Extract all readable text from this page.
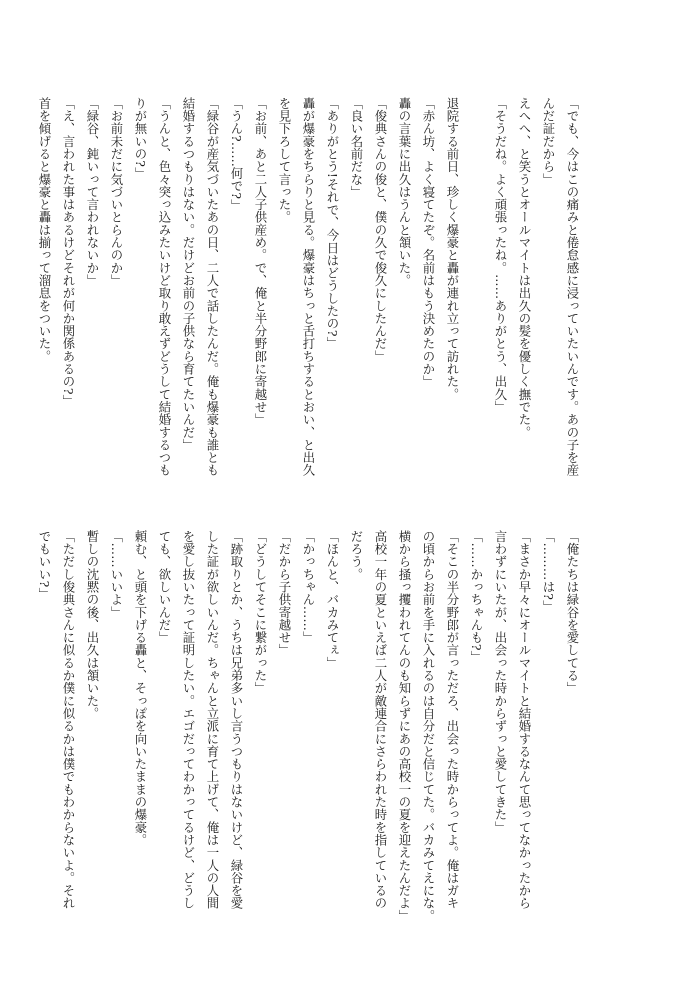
「でも、今はこの痛みと倦怠感に浸っていたいんです。あの子を産
んだ証だから」
えへへ、と笑うとオールマイトは出久の髪を優しく撫でた。
「そうだね。よく頑張ったね。……ありがとう、出久」

退院する前日、珍しく爆豪と轟が連れ立って訪れた。
「赤ん坊、よく寝てたぞ。名前はもう決めたのか」
轟の言葉に出久はうんと頷いた。
「俊典さんの俊と、僕の久で俊久にしたんだ」
「良い名前だな」
「ありがとう!それで、今日はどうしたの?」
轟が爆豪をちらりと見る。爆豪はちっと舌打ちするとおい、と出久
を見下ろして言った。
「お前、あと二人子供産め。で、俺と半分野郎に寄越せ」
「うん?……何で?」
「緑谷が産気づいたあの日、二人で話したんだ。俺も爆豪も誰とも
結婚するつもりはない。だけどお前の子供なら育てたいんだ」
「うんと、色々突っ込みたいけど取り敢えずどうして結婚するつも
りが無いの?」
「お前未だに気づいとらんのか」
「緑谷、鈍いって言われないか」
「え、言われた事はあるけどそれが何か関係あるの?」
首を傾げると爆豪と轟は揃って溜息をついた。
「俺たちは緑谷を愛してる」
「………は?」
「まさか早々にオールマイトと結婚するなんて思ってなかったから
言わずにいたが、出会った時からずっと愛してきた」
「……かっちゃんも?」
「そこの半分野郎が言っただろ、出会った時からってよ。俺はガキ
の頃からお前を手に入れるのは自分だと信じてた。バカみてえにな。
横から掻っ攫われてんのも知らずにあの高校一の夏を迎えたんだよ」
高校一年の夏といえば二人が敵連合にさらわれた時を指しているの
だろう。
「ほんと、バカみてぇ」
「かっちゃん……」
「だから子供寄越せ」
「どうしてそこに繋がった」
「跡取りとか、うちは兄弟多いし言うつもりはないけど、緑谷を愛
した証が欲しいんだ。ちゃんと立派に育て上げて、俺は一人の人間
を愛し抜いたって証明したい。エゴだってわかってるけど、どうし
ても、欲しいんだ」
頼む、と頭を下げる轟と、そっぽを向いたままの爆豪。
「……いいよ」
暫しの沈黙の後、出久は頷いた。
「ただし俊典さんに似るか僕に似るかは僕でもわからないよ。それ
でもいい?」
